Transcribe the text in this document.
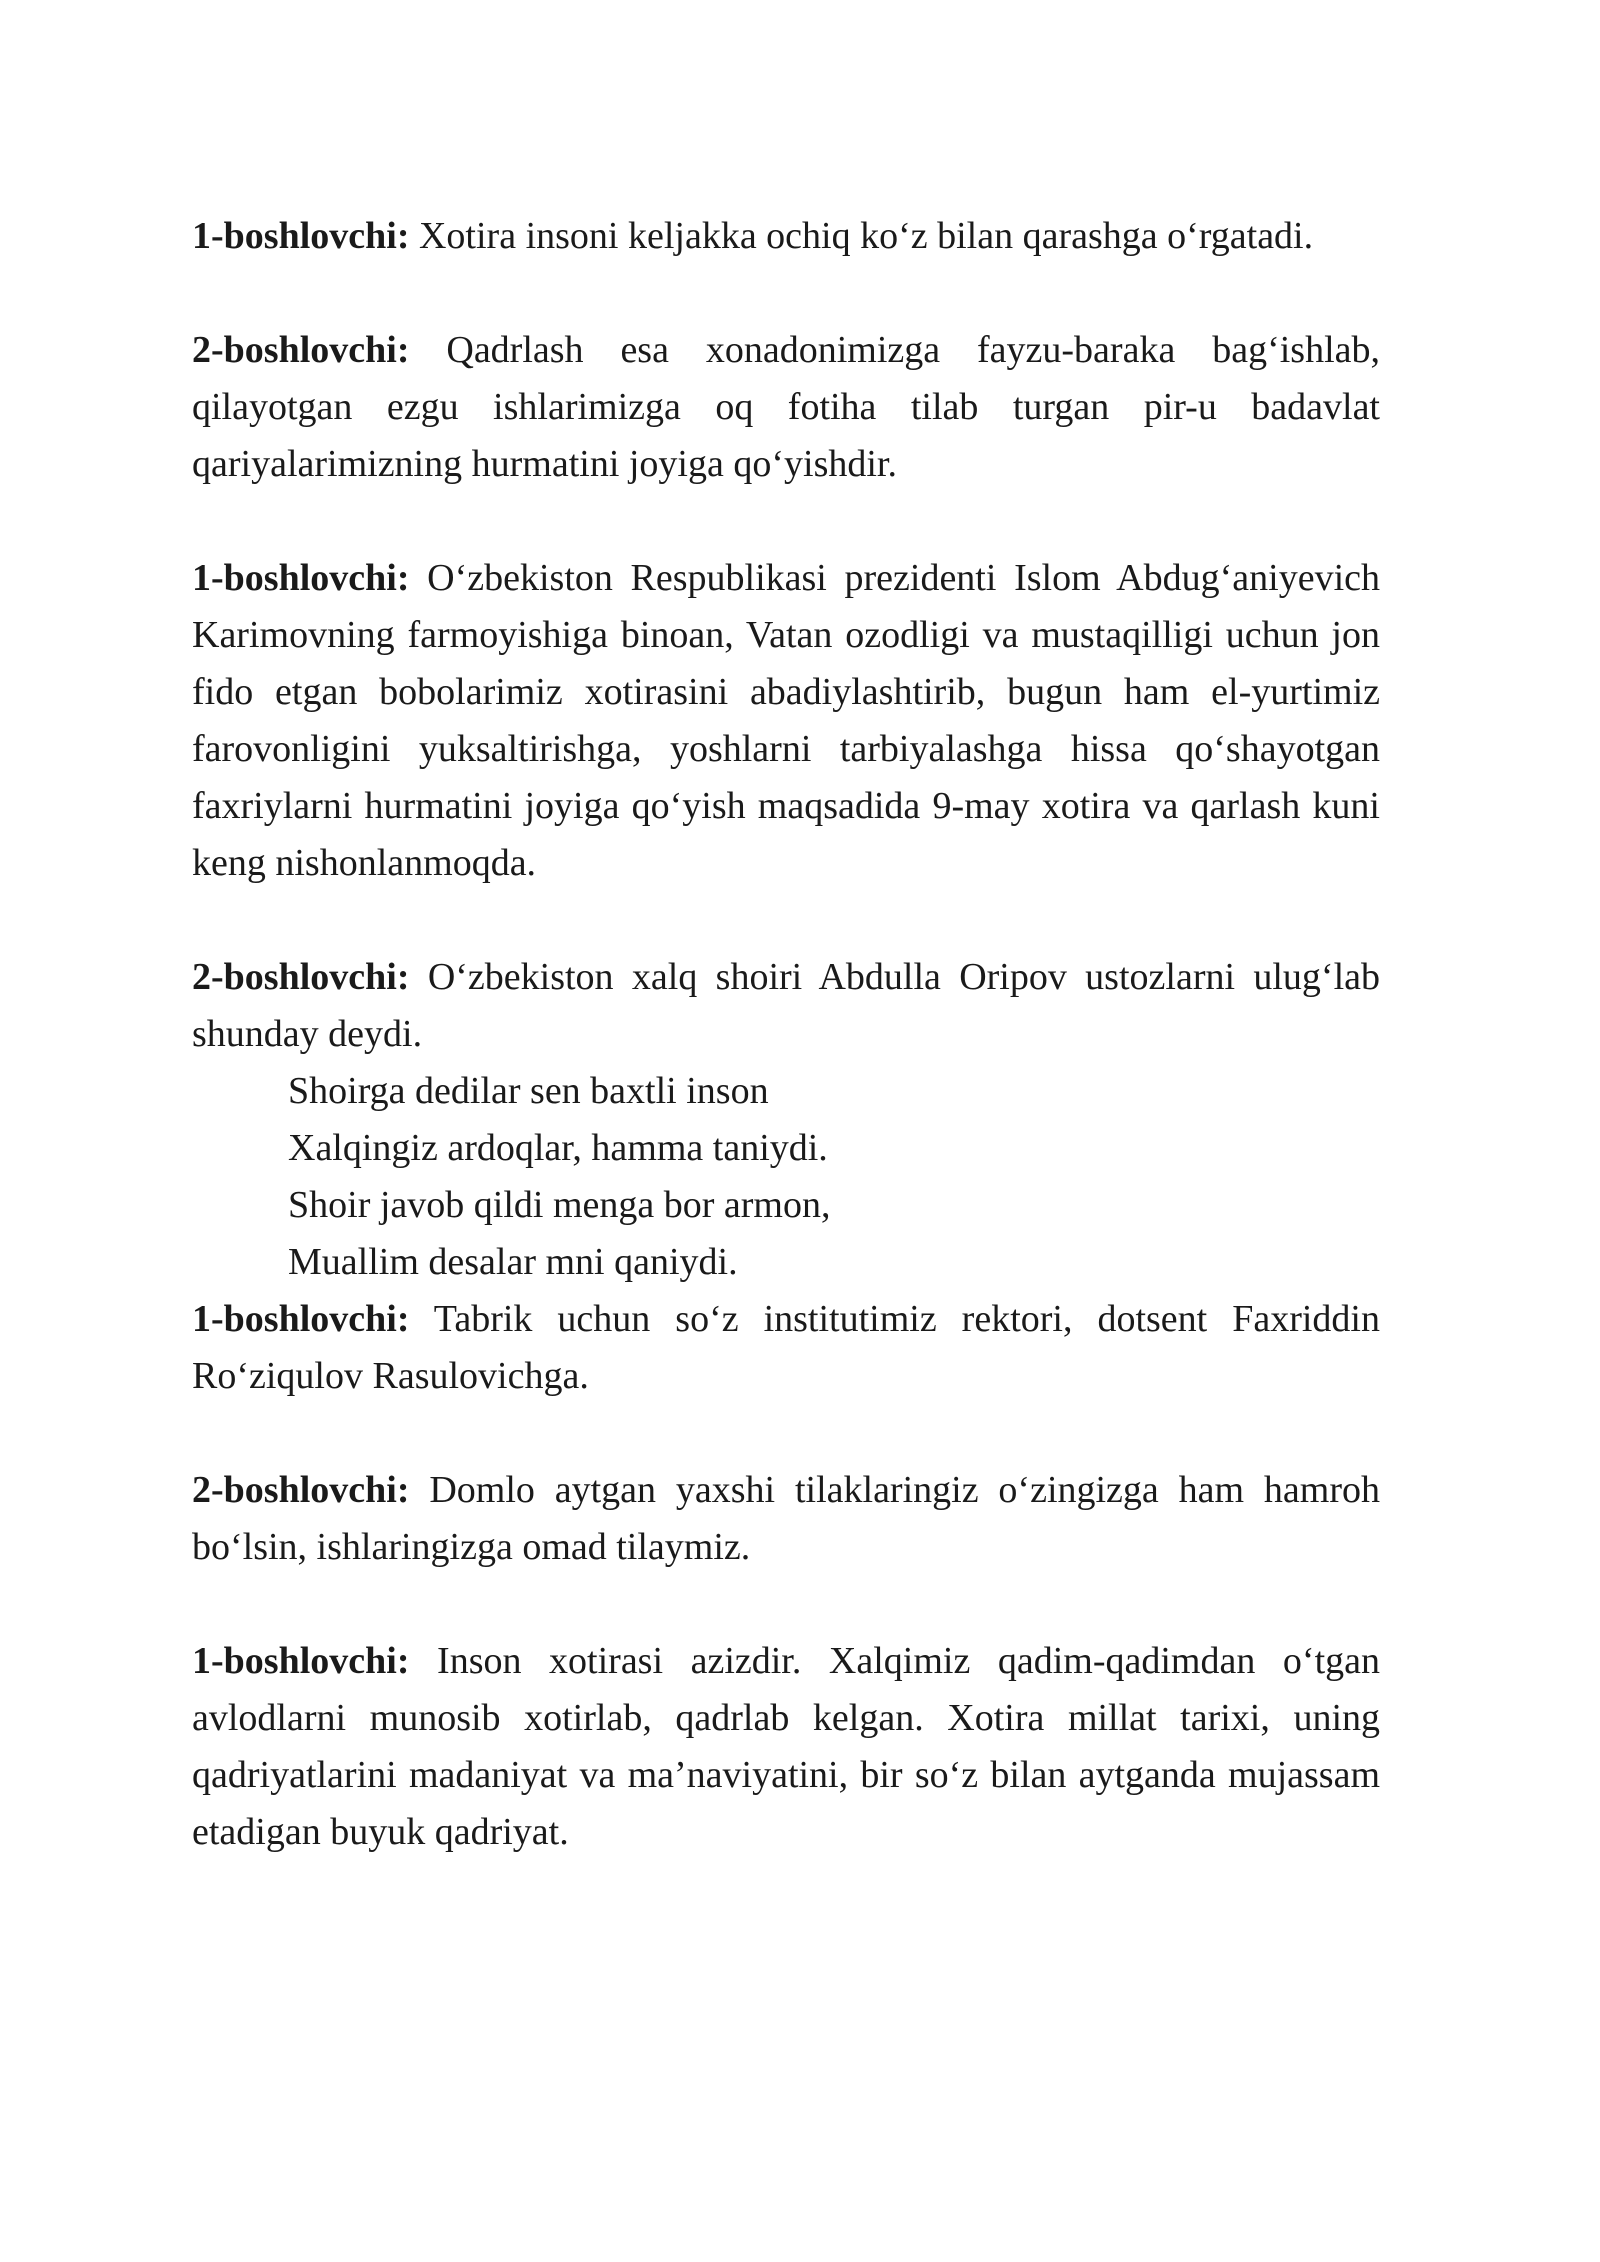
1-boshlovchi: Xotira insoni keljakka ochiq ko‘z bilan qarashga o‘rgatadi.

2-boshlovchi: Qadrlash esa xonadonimizga fayzu-baraka bag‘ishlab, qilayotgan ezgu ishlarimizga oq fotiha tilab turgan pir-u badavlat qariyalarimizning hurmatini joyiga qo‘yishdir.

1-boshlovchi: O‘zbekiston Respublikasi prezidenti Islom Abdug‘aniyevich Karimovning farmoyishiga binoan, Vatan ozodligi va mustaqilligi uchun jon fido etgan bobolarimiz xotirasini abadiylashtirib, bugun ham el-yurtimiz farovonligini yuksaltirishga, yoshlarni tarbiyalashga hissa qo‘shayotgan faxriylarni hurmatini joyiga qo‘yish maqsadida 9-may xotira va qarlash kuni keng nishonlanmoqda.

2-boshlovchi: O‘zbekiston xalq shoiri Abdulla Oripov ustozlarni ulug‘lab shunday deydi.

Shoirga dedilar sen baxtli inson
Xalqingiz ardoqlar, hamma taniydi.
Shoir javob qildi menga bor armon,
Muallim desalar mni qaniydi.

1-boshlovchi: Tabrik uchun so‘z institutimiz rektori, dotsent Faxriddin Ro‘ziqulov Rasulovichga.

2-boshlovchi: Domlo aytgan yaxshi tilaklaringiz o‘zingizga ham hamroh bo‘lsin, ishlaringizga omad tilaymiz.

1-boshlovchi: Inson xotirasi azizdir. Xalqimiz qadim-qadimdan o‘tgan avlodlarni munosib xotirlab, qadrlab kelgan. Xotira millat tarixi, uning qadriyatlarini madaniyat va ma’naviyatini, bir so‘z bilan aytganda mujassam etadigan buyuk qadriyat.
